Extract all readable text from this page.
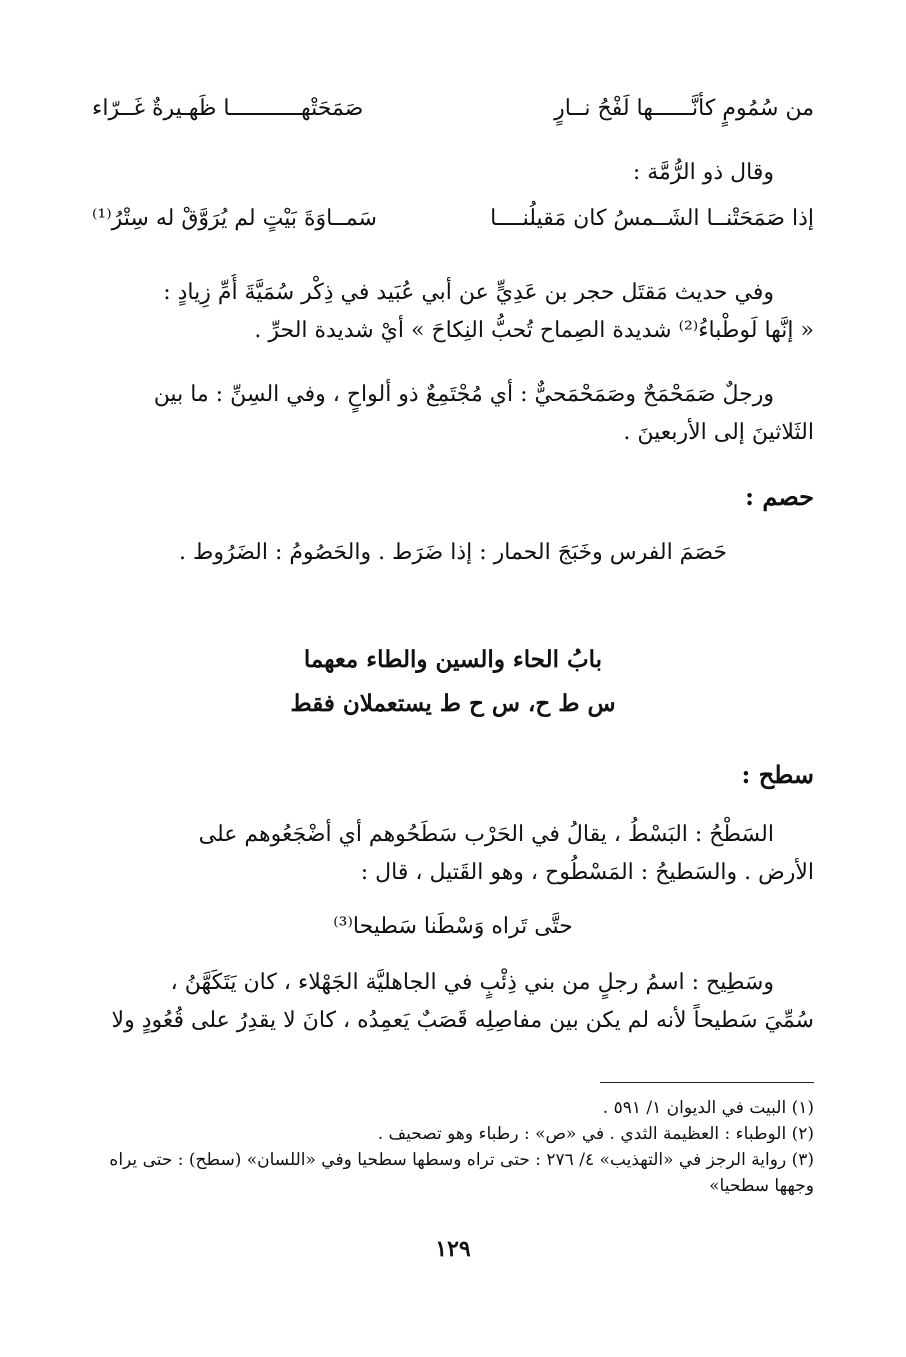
من سُمُومٍ كأنَّــــــها لَفْحُ نــارٍ
صَمَحَتْهـــــــــــا ظَهـيرةٌ غَــرّاء

وقال ذو الرُّمَّة :

إذا صَمَحَتْنــا الشَــمسُ كان مَقيلُنــــا
سَمــاوَةَ بَيْتٍ لم يُرَوَّقْ له سِتْرُ⁽¹⁾

وفي حديث مَقتَل حجر بن عَدِيٍّ عن أبي عُبَيد في ذِكْر سُمَيَّةَ أُمِّ زِيادٍ :

« إنَّها لَوطْباءُ⁽²⁾ شديدة الصِماح تُحبُّ النِكاحَ » أيْ شديدة الحرِّ .

ورجلٌ صَمَحْمَحٌ وصَمَحْمَحيٌّ : أي مُجْتَمِعٌ ذو ألواحٍ ، وفي السِنِّ : ما بين

الثَلاثينَ إلى الأربعينَ .

حصم :

حَصَمَ الفرس وخَبَجَ الحمار : إذا ضَرَط . والحَصُومُ : الضَرُوط .

بابُ الحاء والسين والطاء معهما

س ط ح، س ح ط يستعملان فقط

سطح :

السَطْحُ : البَسْطُ ، يقالُ في الحَرْب سَطَحُوهم أي أضْجَعُوهم على

الأرض . والسَطيحُ : المَسْطُوح ، وهو القَتيل ، قال :

حتَّى تَراه وَسْطَنا سَطيحا⁽³⁾

وسَطِيح : اسمُ رجلٍ من بني ذِئْبٍ في الجاهليَّة الجَهْلاء ، كان يَتَكَهَّنُ ،

سُمِّيَ سَطيحاً لأنه لم يكن بين مفاصِلِه قَصَبٌ يَعمِدُه ، كانَ لا يقدِرُ على قُعُودٍ ولا

(١) البيت في الديوان ١/ ٥٩١ .

(٢) الوطباء : العظيمة الثدي . في «ص» : رطباء وهو تصحيف .

(٣) رواية الرجز في «التهذيب» ٤/ ٢٧٦ : حتى تراه وسطها سطحيا وفي «اللسان» (سطح) : حتى يراه

وجهها سطحيا»

١٢٩
